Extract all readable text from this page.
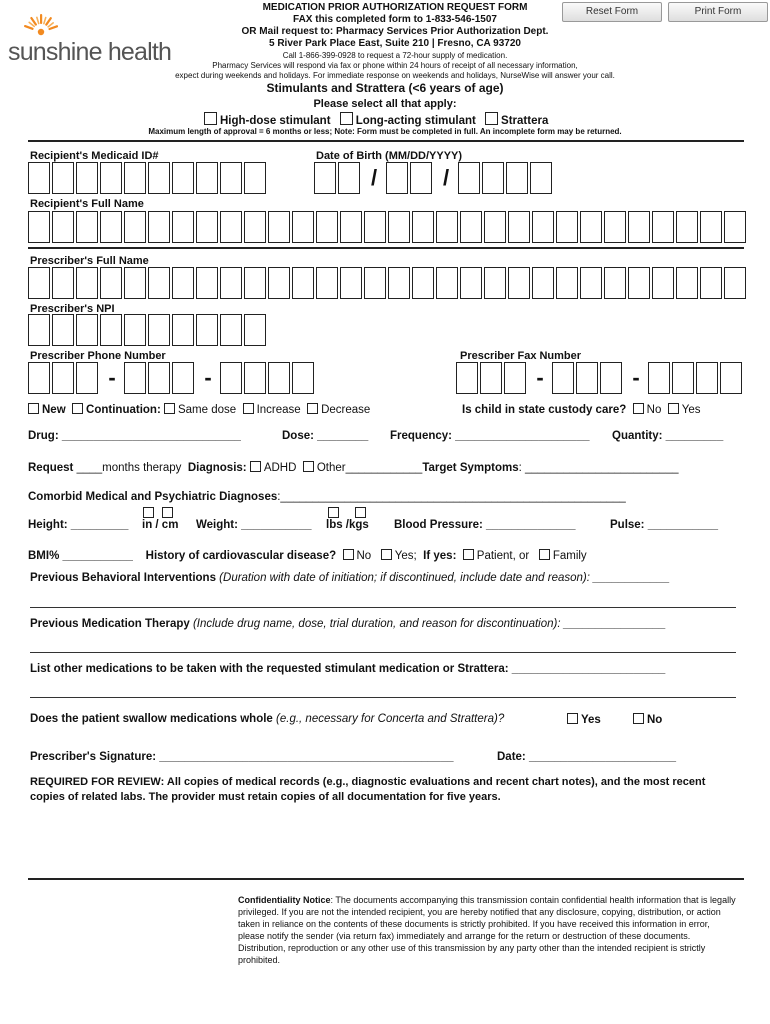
Reset Form	Print Form
sunshine health
MEDICATION PRIOR AUTHORIZATION REQUEST FORM
FAX this completed form to 1-833-546-1507
OR Mail request to: Pharmacy Services Prior Authorization Dept.
5 River Park Place East, Suite 210 | Fresno, CA 93720
Call 1-866-399-0928 to request a 72-hour supply of medication.
Pharmacy Services will respond via fax or phone within 24 hours of receipt of all necessary information,
expect during weekends and holidays. For immediate response on weekends and holidays, NurseWise will answer your call.
Stimulants and Strattera (<6 years of age)
Please select all that apply:
High-dose stimulant Long-acting stimulant Strattera
Maximum length of approval = 6 months or less; Note: Form must be completed in full. An incomplete form may be returned.
Recipient's Medicaid ID#	Date of Birth (MM/DD/YYYY)
/	/
Recipient's Full Name
Prescriber's Full Name
Prescriber's NPI
Prescriber Phone Number
-	-
Prescriber Fax Number
-	-
New Continuation: Same dose Increase Decrease	Is child in state custody care? No Yes
Drug: ____________________________	Dose: ________ Frequency: _____________________ Quantity: _________
Request ____months therapy Diagnosis: ADHD Other____________Target Symptoms: ________________________
Comorbid Medical and Psychiatric Diagnoses:______________________________________________________
Height: _________ in / cm Weight: ___________ lbs /kgs Blood Pressure: ______________	Pulse: ___________
BMI% ___________ History of cardiovascular disease? No Yes; If yes: Patient, or Family
Previous Behavioral Interventions (Duration with date of initiation; if discontinued, include date and reason): ____________
Previous Medication Therapy (Include drug name, dose, trial duration, and reason for discontinuation): ________________
List other medications to be taken with the requested stimulant medication or Strattera: ________________________
Does the patient swallow medications whole (e.g., necessary for Concerta and Strattera)?	Yes	No
Prescriber's Signature: ______________________________________________	Date: _______________________
REQUIRED FOR REVIEW: All copies of medical records (e.g., diagnostic evaluations and recent chart notes), and the most recent copies of related labs. The provider must retain copies of all documentation for five years.
Confidentiality Notice: The documents accompanying this transmission contain confidential health information that is legally privileged. If you are not the intended recipient, you are hereby notified that any disclosure, copying, distribution, or action taken in reliance on the contents of these documents is strictly prohibited. If you have received this information in error, please notify the sender (via return fax) immediately and arrange for the return or destruction of these documents. Distribution, reproduction or any other use of this transmission by any party other than the intended recipient is strictly prohibited.
